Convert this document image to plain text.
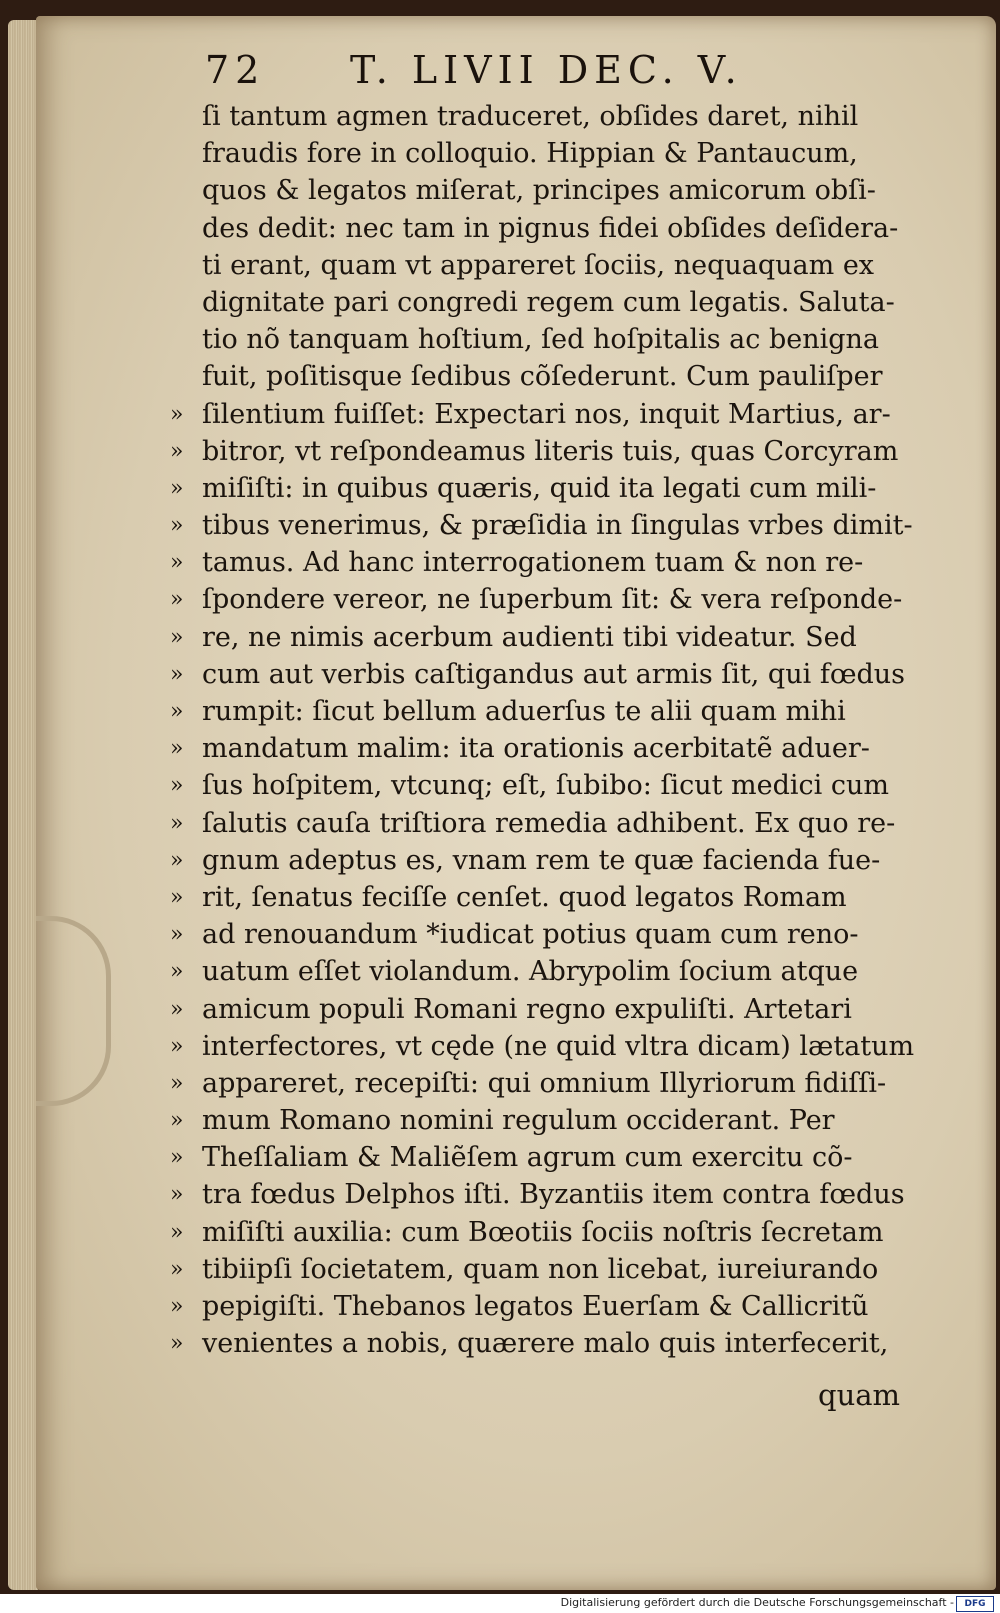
72 T. LIVII DEC. V.
ſi tantum agmen traduceret, obſides daret, nihil
fraudis fore in colloquio. Hippian & Pantaucum,
quos & legatos miſerat, principes amicorum obſi-
des dedit: nec tam in pignus fidei obſides deſidera-
ti erant, quam vt appareret ſociis, nequaquam ex
dignitate pari congredi regem cum legatis. Saluta-
tio nõ tanquam hoſtium, ſed hoſpitalis ac benigna
fuit, poſitisque ſedibus cõſederunt. Cum pauliſper
» ſilentium fuiſſet: Expectari nos, inquit Martius, ar-
» bitror, vt reſpondeamus literis tuis, quas Corcyram
» miſiſti: in quibus quæris, quid ita legati cum mili-
» tibus venerimus, & præſidia in ſingulas vrbes dimit-
» tamus. Ad hanc interrogationem tuam & non re-
» ſpondere vereor, ne ſuperbum ſit: & vera reſponde-
» re, ne nimis acerbum audienti tibi videatur. Sed
» cum aut verbis caſtigandus aut armis ſit, qui fœdus
» rumpit: ſicut bellum aduerſus te alii quam mihi
» mandatum malim: ita orationis acerbitatẽ aduer-
» ſus hoſpitem, vtcunq; eſt, ſubibo: ſicut medici cum
» ſalutis cauſa triſtiora remedia adhibent. Ex quo re-
» gnum adeptus es, vnam rem te quæ facienda fue-
» rit, ſenatus feciſſe cenſet. quod legatos Romam
» ad renouandum *iudicat potius quam cum reno-
» uatum eſſet violandum. Abrypolim ſocium atque
» amicum populi Romani regno expuliſti. Artetari
» interfectores, vt cęde (ne quid vltra dicam) lætatum
» appareret, recepiſti: qui omnium Illyriorum fidiſſi-
» mum Romano nomini regulum occiderant. Per
» Theſſaliam & Maliẽſem agrum cum exercitu cõ-
» tra fœdus Delphos iſti. Byzantiis item contra fœdus
» miſiſti auxilia: cum Bœotiis ſociis noſtris ſecretam
» tibiipſi ſocietatem, quam non licebat, iureiurando
» pepigiſti. Thebanos legatos Euerſam & Callicritũ
» venientes a nobis, quærere malo quis interfecerit,
quam
Digitalisierung gefördert durch die Deutsche Forschungsgemeinschaft -	DFG
